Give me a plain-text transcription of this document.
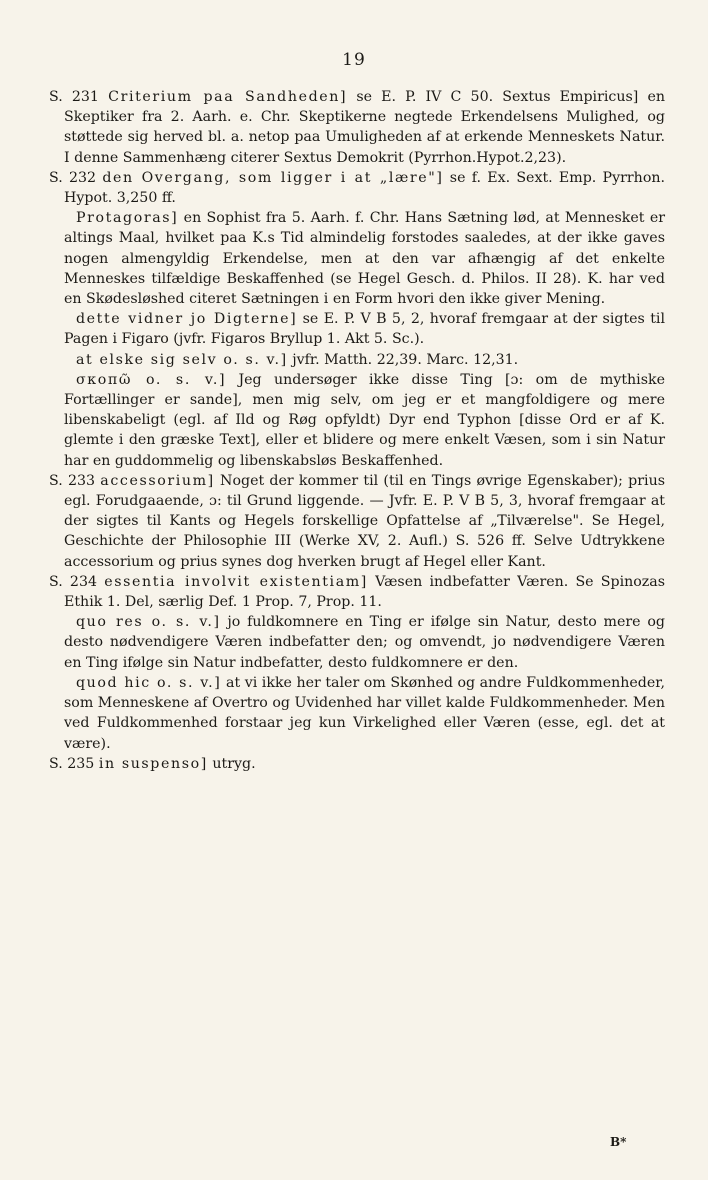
19

S. 231 Criterium paa Sandheden] se E. P. IV C 50. Sextus Empiricus] en Skeptiker fra 2. Aarh. e. Chr. Skeptikerne negtede Erkendelsens Mulighed, og støttede sig herved bl. a. netop paa Umuligheden af at erkende Menneskets Natur. I denne Sammenhæng citerer Sextus Demokrit (Pyrrhon.Hypot.2,23).

S. 232 den Overgang, som ligger i at „lære"] se f. Ex. Sext. Emp. Pyrrhon. Hypot. 3,250 ff.

Protagoras] en Sophist fra 5. Aarh. f. Chr. Hans Sætning lød, at Mennesket er altings Maal, hvilket paa K.s Tid almindelig forstodes saaledes, at der ikke gaves nogen almengyldig Erkendelse, men at den var afhængig af det enkelte Menneskes tilfældige Beskaffenhed (se Hegel Gesch. d. Philos. II 28). K. har ved en Skødesløshed citeret Sætningen i en Form hvori den ikke giver Mening.

dette vidner jo Digterne] se E. P. V B 5, 2, hvoraf fremgaar at der sigtes til Pagen i Figaro (jvfr. Figaros Bryllup 1. Akt 5. Sc.).

at elske sig selv o. s. v.] jvfr. Matth. 22,39. Marc. 12,31.

σκοπῶ o. s. v.] Jeg undersøger ikke disse Ting [ɔ: om de mythiske Fortællinger er sande], men mig selv, om jeg er et mangfoldigere og mere libenskabeligt (egl. af Ild og Røg opfyldt) Dyr end Typhon [disse Ord er af K. glemte i den græske Text], eller et blidere og mere enkelt Væsen, som i sin Natur har en guddommelig og libenskabsløs Beskaffenhed.

S. 233 accessorium] Noget der kommer til (til en Tings øvrige Egenskaber); prius egl. Forudgaaende, ɔ: til Grund liggende. — Jvfr. E. P. V B 5, 3, hvoraf fremgaar at der sigtes til Kants og Hegels forskellige Opfattelse af „Tilværelse". Se Hegel, Geschichte der Philosophie III (Werke XV, 2. Aufl.) S. 526 ff. Selve Udtrykkene accessorium og prius synes dog hverken brugt af Hegel eller Kant.

S. 234 essentia involvit existentiam] Væsen indbefatter Væren. Se Spinozas Ethik 1. Del, særlig Def. 1 Prop. 7, Prop. 11.

quo res o. s. v.] jo fuldkomnere en Ting er ifølge sin Natur, desto mere og desto nødvendigere Væren indbefatter den; og omvendt, jo nødvendigere Væren en Ting ifølge sin Natur indbefatter, desto fuldkomnere er den.

quod hic o. s. v.] at vi ikke her taler om Skønhed og andre Fuldkommenheder, som Menneskene af Overtro og Uvidenhed har villet kalde Fuldkommenheder. Men ved Fuldkommenhed forstaar jeg kun Virkelighed eller Væren (esse, egl. det at være).

S. 235 in suspenso] utryg.

B*
